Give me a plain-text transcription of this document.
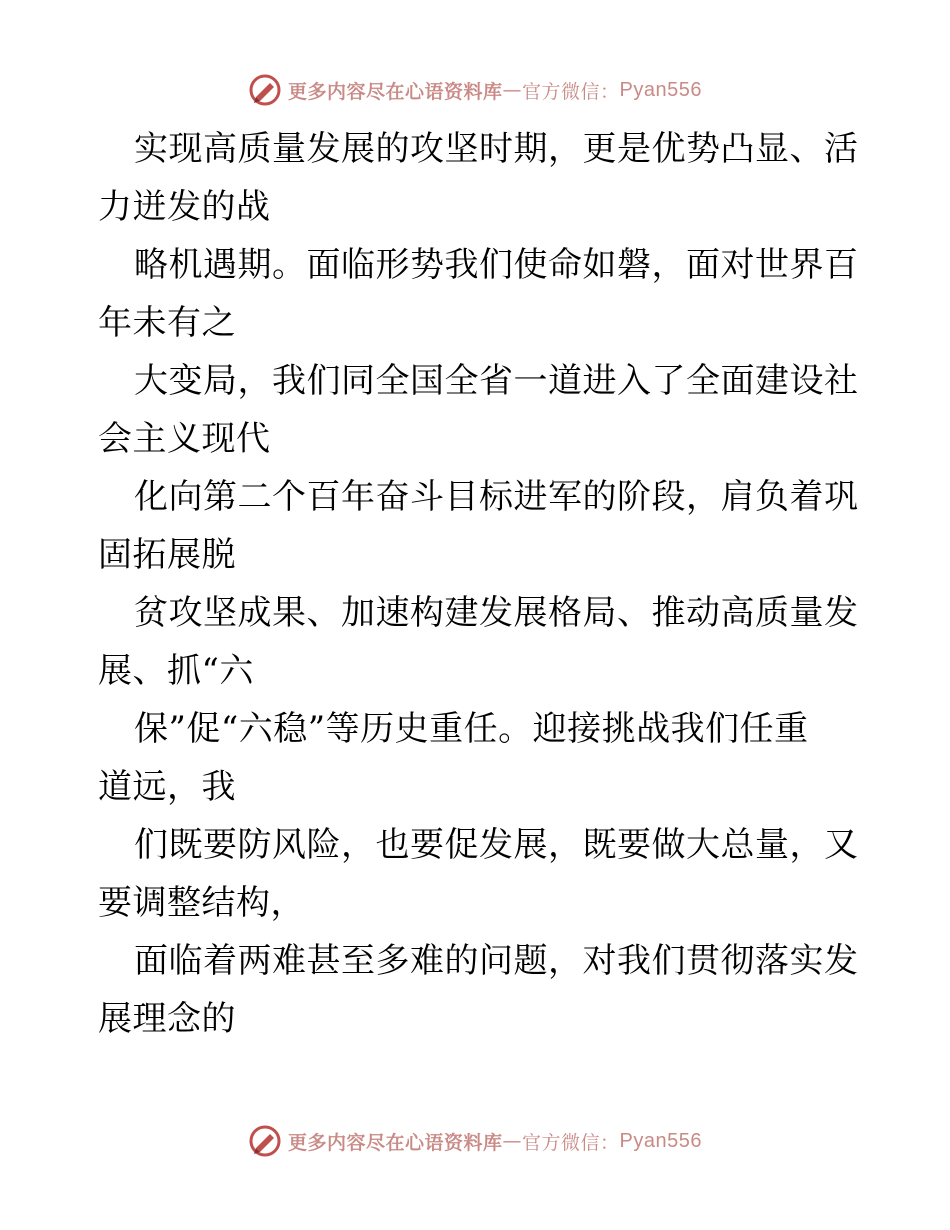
更多内容尽在心语资料库 — 官方微信： Pyan556
实现高质量发展的攻坚时期，更是优势凸显、活
力迸发的战
略机遇期。面临形势我们使命如磐，面对世界百
年未有之
大变局，我们同全国全省一道进入了全面建设社
会主义现代
化向第二个百年奋斗目标进军的阶段，肩负着巩
固拓展脱
贫攻坚成果、加速构建发展格局、推动高质量发
展、抓“六
保”促“六稳”等历史重任。迎接挑战我们任重
道远，我
们既要防风险，也要促发展，既要做大总量，又
要调整结构，
面临着两难甚至多难的问题，对我们贯彻落实发
展理念的
更多内容尽在心语资料库 — 官方微信： Pyan556
